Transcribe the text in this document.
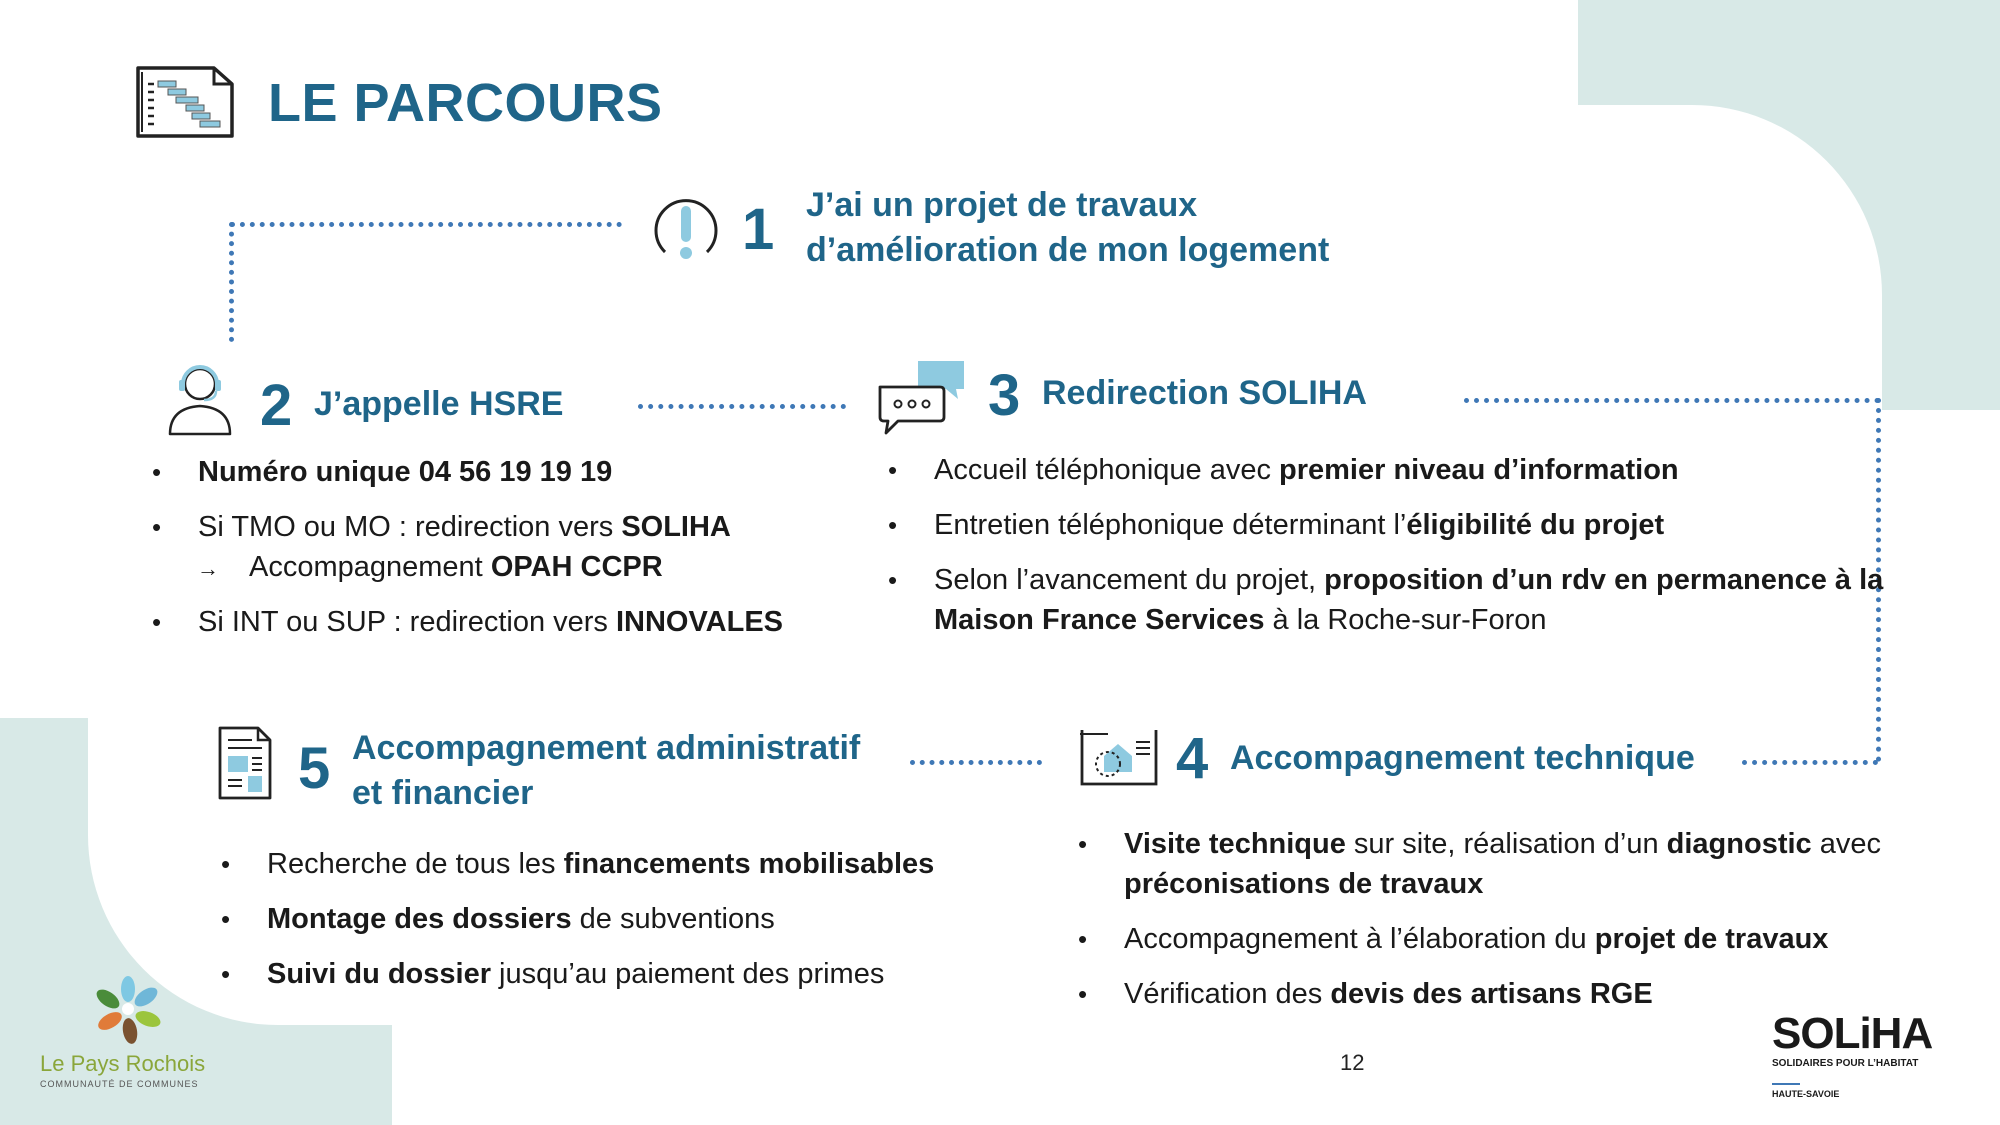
LE PARCOURS
1 J’ai un projet de travaux
d’amélioration de mon logement
2 J’appelle HSRE
• Numéro unique 04 56 19 19 19
• Si TMO ou MO : redirection vers SOLIHA
→ Accompagnement OPAH CCPR
• Si INT ou SUP : redirection vers INNOVALES
3 Redirection SOLIHA
• Accueil téléphonique avec premier niveau d’information
• Entretien téléphonique déterminant l’éligibilité du projet
• Selon l’avancement du projet, proposition d’un rdv en permanence à la Maison France Services à la Roche-sur-Foron
5 Accompagnement administratif
et financier
• Recherche de tous les financements mobilisables
• Montage des dossiers de subventions
• Suivi du dossier jusqu’au paiement des primes
4 Accompagnement technique
• Visite technique sur site, réalisation d’un diagnostic avec préconisations de travaux
• Accompagnement à l’élaboration du projet de travaux
• Vérification des devis des artisans RGE
12
Le Pays Rochois
COMMUNAUTÉ DE COMMUNES
SOLiHA
SOLIDAIRES POUR L’HABITAT
HAUTE-SAVOIE
